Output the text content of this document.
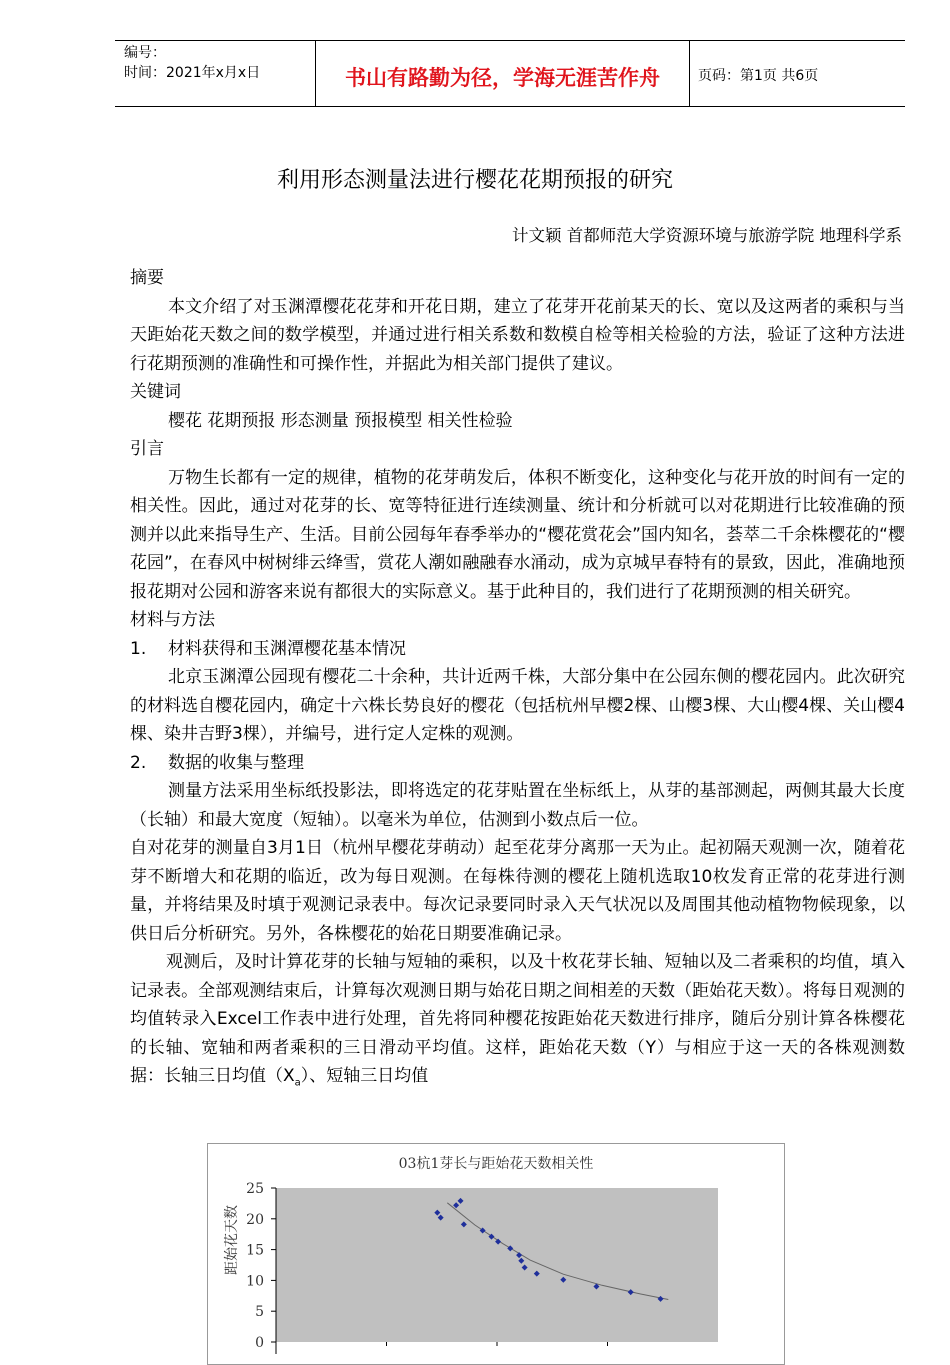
编号：
时间：2021年x月x日	书山有路勤为径，学海无涯苦作舟	页码：第1页 共6页
利用形态测量法进行樱花花期预报的研究
计文颖 首都师范大学资源环境与旅游学院 地理科学系

摘要

本文介绍了对玉渊潭樱花花芽和开花日期，建立了花芽开花前某天的长、宽以及这两者的乘积与当天距始花天数之间的数学模型，并通过进行相关系数和数模自检等相关检验的方法，验证了这种方法进行花期预测的准确性和可操作性，并据此为相关部门提供了建议。

关键词

樱花 花期预报 形态测量 预报模型 相关性检验

引言

万物生长都有一定的规律，植物的花芽萌发后，体积不断变化，这种变化与花开放的时间有一定的相关性。因此，通过对花芽的长、宽等特征进行连续测量、统计和分析就可以对花期进行比较准确的预测并以此来指导生产、生活。目前公园每年春季举办的“樱花赏花会”国内知名，荟萃二千余株樱花的“樱花园”，在春风中树树绯云绛雪，赏花人潮如融融春水涌动，成为京城早春特有的景致，因此，准确地预报花期对公园和游客来说有都很大的实际意义。基于此种目的，我们进行了花期预测的相关研究。

材料与方法

1. 材料获得和玉渊潭樱花基本情况

北京玉渊潭公园现有樱花二十余种，共计近两千株，大部分集中在公园东侧的樱花园内。此次研究的材料选自樱花园内，确定十六株长势良好的樱花（包括杭州早樱2棵、山樱3棵、大山樱4棵、关山樱4棵、染井吉野3棵），并编号，进行定人定株的观测。

2. 数据的收集与整理

测量方法采用坐标纸投影法，即将选定的花芽贴置在坐标纸上，从芽的基部测起，两侧其最大长度（长轴）和最大宽度（短轴）。以毫米为单位，估测到小数点后一位。

自对花芽的测量自3月1日（杭州早樱花芽萌动）起至花芽分离那一天为止。起初隔天观测一次，随着花芽不断增大和花期的临近，改为每日观测。在每株待测的樱花上随机选取10枚发育正常的花芽进行测量，并将结果及时填于观测记录表中。每次记录要同时录入天气状况以及周围其他动植物物候现象，以供日后分析研究。另外，各株樱花的始花日期要准确记录。

观测后，及时计算花芽的长轴与短轴的乘积，以及十枚花芽长轴、短轴以及二者乘积的均值，填入记录表。全部观测结束后，计算每次观测日期与始花日期之间相差的天数（距始花天数）。将每日观测的均值转录入Excel工作表中进行处理，首先将同种樱花按距始花天数进行排序，随后分别计算各株樱花的长轴、宽轴和两者乘积的三日滑动平均值。这样，距始花天数（Y）与相应于这一天的各株观测数据：长轴三日均值$(X_a)$、短轴三日均值

03杭1芽长与距始花天数相关性
距始花天数
0
5
10
15
20
25
